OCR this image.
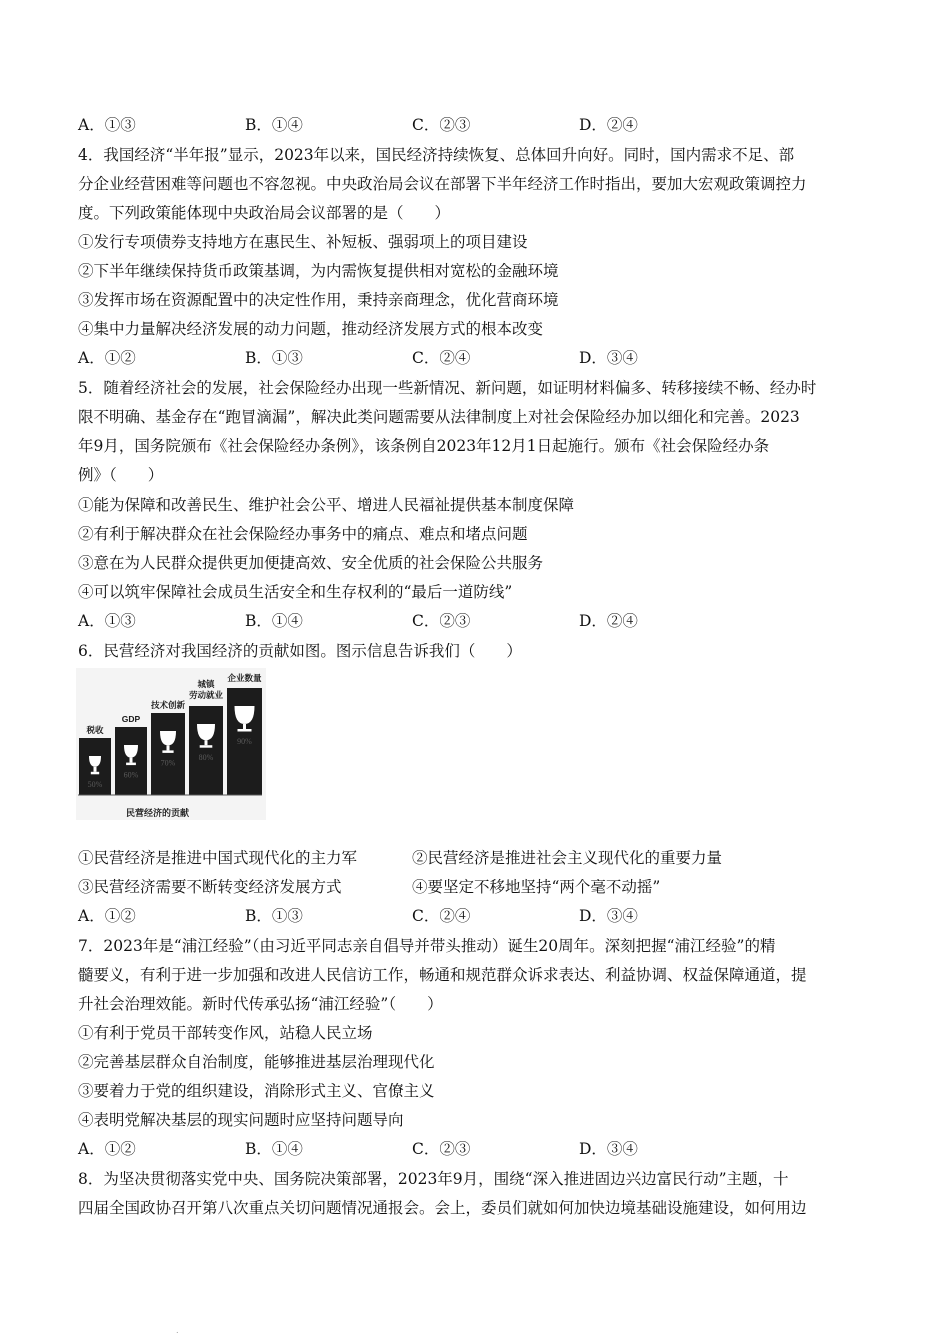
A．①③	B．①④	C．②③	D．②④
4．我国经济“半年报”显示，2023年以来，国民经济持续恢复、总体回升向好。同时，国内需求不足、部
分企业经营困难等问题也不容忽视。中央政治局会议在部署下半年经济工作时指出，要加大宏观政策调控力
度。下列政策能体现中央政治局会议部署的是（　　）
①发行专项债券支持地方在惠民生、补短板、强弱项上的项目建设
②下半年继续保持货币政策基调，为内需恢复提供相对宽松的金融环境
③发挥市场在资源配置中的决定性作用，秉持亲商理念，优化营商环境
④集中力量解决经济发展的动力问题，推动经济发展方式的根本改变
A．①②	B．①③	C．②④	D．③④
5．随着经济社会的发展，社会保险经办出现一些新情况、新问题，如证明材料偏多、转移接续不畅、经办时
限不明确、基金存在“跑冒滴漏”，解决此类问题需要从法律制度上对社会保险经办加以细化和完善。2023
年9月，国务院颁布《社会保险经办条例》，该条例自2023年12月1日起施行。颁布《社会保险经办条
例》（　　）
①能为保障和改善民生、维护社会公平、增进人民福祉提供基本制度保障
②有利于解决群众在社会保险经办事务中的痛点、难点和堵点问题
③意在为人民群众提供更加便捷高效、安全优质的社会保险公共服务
④可以筑牢保障社会成员生活安全和生存权利的“最后一道防线”
A．①③	B．①④	C．②③	D．②④
6．民营经济对我国经济的贡献如图。图示信息告诉我们（　　）
50%
60%
70%
80%
90%
税收
GDP
技术创新
城镇
劳动就业
企业数量
民营经济的贡献
①民营经济是推进中国式现代化的主力军	②民营经济是推进社会主义现代化的重要力量
③民营经济需要不断转变经济发展方式	④要坚定不移地坚持“两个毫不动摇”
A．①②	B．①③	C．②④	D．③④
7．2023年是“浦江经验”（由习近平同志亲自倡导并带头推动）诞生20周年。深刻把握“浦江经验”的精
髓要义，有利于进一步加强和改进人民信访工作，畅通和规范群众诉求表达、利益协调、权益保障通道，提
升社会治理效能。新时代传承弘扬“浦江经验”（　　）
①有利于党员干部转变作风，站稳人民立场
②完善基层群众自治制度，能够推进基层治理现代化
③要着力于党的组织建设，消除形式主义、官僚主义
④表明党解决基层的现实问题时应坚持问题导向
A．①②	B．①④	C．②③	D．③④
8．为坚决贯彻落实党中央、国务院决策部署，2023年9月，围绕“深入推进固边兴边富民行动”主题，十
四届全国政协召开第八次重点关切问题情况通报会。会上，委员们就如何加快边境基础设施建设，如何用边
.
